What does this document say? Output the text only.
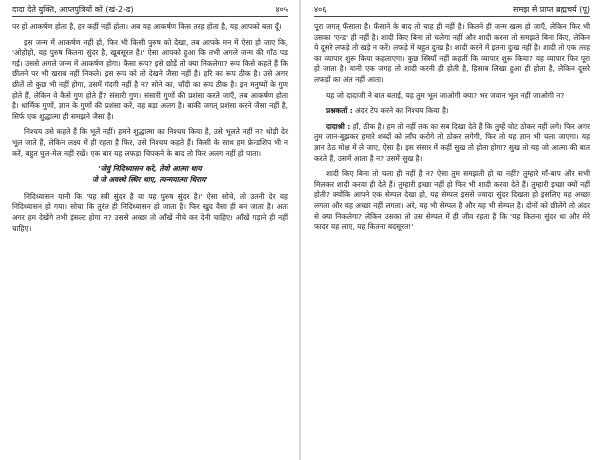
दादा देते युक्ति, आप्तपुत्रियों को (खं-2-ढ)	४०५

पर हो आकर्षण होता है, हर कहीं नहीं होता। अब यह आकर्षण किस तरह होता है, यह आपको बता दूँ।

इस जन्म में आकर्षण नहीं हो, फिर भी किसी पुरुष को देखा, तब आपके मन में ऐसा हो जाए कि, 'ओहोहो, यह पुरुष कितना सुंदर है, खूबसूरत है।' ऐसा आपको हुआ कि तभी अगले जन्म की गाँठ पड़ गई। उससे अगले जन्म में आकर्षण होगा। कैसा रूप? इसे छोड़ें तो क्या निकलेगा? रूप किसे कहते हैं कि छीलने पर भी खराब नहीं निकले। इस रूप को तो देखने जैसा नहीं है। हरि का रूप ठीक है। उसे अगर छीलें तो कुछ भी नहीं होगा, उसमें गंदगी नहीं है न? सोने का, चाँदी का रूप ठीक है। इन मनुष्यों के गुण होते हैं, लेकिन वे कैसे गुण होते हैं? संसारी गुण। संसारी गुणों की प्रशंसा करते जाएँ, तब आकर्षण होता है। धार्मिक गुणों, ज्ञान के गुणों की प्रशंसा करें, वह बड़ा अलग है। बाकी जगत् प्रशंसा करने जैसा नहीं है, सिर्फ एक शुद्धात्मा ही समझने जैसा है।

निश्चय उसे कहते हैं कि भूलें नहीं। हमने शुद्धात्मा का निश्चय किया है, उसे भूलते नहीं न? थोड़ी देर भूल जाते हैं, लेकिन लक्ष्य में ही रहता है फिर, उसे निश्चय कहते हैं। किसी के साथ हम फ्रेन्डशिप भी न करें, बहुत घुल-मेल नहीं रखें। एक बार यह लफड़ा चिपकने के बाद तो फिर अलग नहीं हो पाता।

'जेवुं निदिध्यासन करे, तेवो आत्मा थाय
जे जे अवस्थे स्थिर थाए, त्यन्मयात्मा थिराय'

निदिध्यासन यानी कि 'यह स्त्री सुंदर है या यह पुरुष सुंदर है।' ऐसा सोचे, तो उतनी देर यह निदिध्यासन हो गया। सोचा कि तुरंत ही निदिध्यासन हो जाता है। फिर खुद वैसा ही बन जाता है। अतः अगर हम देखेंगे तभी इंसल्ट होगा न? उससे अच्छा तो आँखें नीचे कर देनी चाहिए। आँखें गड़ाने ही नहीं चाहिए।

४०६	समझ से प्राप्त ब्रह्मचर्य (पू)

पूरा जगत् फँसाता है। फँसाने के बाद तो चाह ही नहीं है। कितने ही जन्म खत्म हो जाएँ, लेकिन फिर भी उसका 'एन्ड' ही नहीं है। शादी किए बिना तो चलेगा नहीं और शादी करना तो समझते बिना किए, लेकिन ये दूसरे लफड़े तो खड़े न करें। लफड़े में बहुत दुःख है। शादी करने में इतना दुःख नहीं है। शादी तो एक तरह का व्यापार शुरू किया कहलाएगा। कुछ स्त्रियाँ नहीं कहतीं कि व्यापार शुरू किया? यह व्यापार फिर पूरा हो जाता है। यानी एक जगह तो शादी करनी ही होती है, हिसाब लिखा हुआ ही होता है, लेकिन दूसरे लफड़ों का अंत नहीं आता।

यह जो दादाजी ने बात बताई, यह तुम भूल जाओगी क्या? भर जवान भूल नहीं जाओगी न?

प्रश्नकर्ता : अंदर टेप करने का निश्चय किया है।

दादाश्री : हाँ, ठीक है। हम तो नहीं तक का सब दिखा देते हैं कि तुम्हें चोट ठोकर नहीं लगे। फिर अगर तुम जान-बूझकर हमारे शब्दों को लाँघ करोगे तो ठोकर लगेगी, फिर तो यह ज्ञान भी चला जाएगा। यह ज्ञान ठेठ मोक्ष में ले जाए, ऐसा है। इस संसार में कहीं सुख तो होता होगा? सुख तो यह जो आत्मा की बात करते हैं, उसमें आता है न? उसमें सुख है।

शादी किए बिना तो चला ही नहीं है न? ऐसा तुम समझती हो या नहीं? तुम्हारे माँ-बाप और सभी मिलकर शादी करवा ही देते हैं। तुम्हारी इच्छा नहीं हो फिर भी शादी करवा देते हैं। तुम्हारी इच्छा क्यों नहीं होती? क्योंकि आपने एक सेम्पल देखा हो, यह सेम्पल इससे ज्यादा सुंदर दिखता हो इसलिए यह अच्छा लगता और यह अच्छा नहीं लगता। अरे, यह भी सेम्पल है और यह भी सेम्पल है। दोनों को छीलेंगे तो अंदर से क्या निकलेगा? लेकिन उसका तो उस सेम्पल में ही जीव रहता है कि 'यह कितना सुंदर था और मेरे फादर यह लाए, यह कितना बदसूरत!'
